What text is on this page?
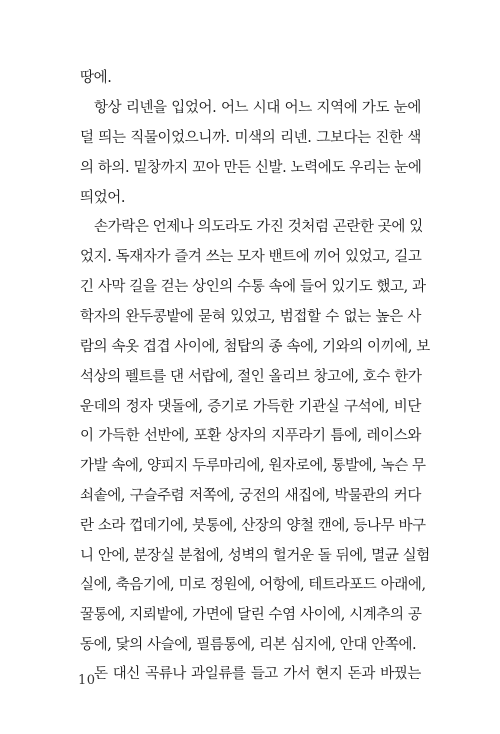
땅에.
항상 리넨을 입었어. 어느 시대 어느 지역에 가도 눈에
덜 띄는 직물이었으니까. 미색의 리넨. 그보다는 진한 색
의 하의. 밑창까지 꼬아 만든 신발. 노력에도 우리는 눈에
띄었어.
손가락은 언제나 의도라도 가진 것처럼 곤란한 곳에 있
었지. 독재자가 즐겨 쓰는 모자 밴트에 끼어 있었고, 길고
긴 사막 길을 걷는 상인의 수통 속에 들어 있기도 했고, 과
학자의 완두콩밭에 묻혀 있었고, 범접할 수 없는 높은 사
람의 속옷 겹겹 사이에, 첨탑의 종 속에, 기와의 이끼에, 보
석상의 펠트를 댄 서랍에, 절인 올리브 창고에, 호수 한가
운데의 정자 댓돌에, 증기로 가득한 기관실 구석에, 비단
이 가득한 선반에, 포환 상자의 지푸라기 틈에, 레이스와
가발 속에, 양피지 두루마리에, 원자로에, 통발에, 녹슨 무
쇠솥에, 구슬주렴 저쪽에, 궁전의 새집에, 박물관의 커다
란 소라 껍데기에, 붓통에, 산장의 양철 캔에, 등나무 바구
니 안에, 분장실 분첩에, 성벽의 헐거운 돌 뒤에, 멸균 실험
실에, 축음기에, 미로 정원에, 어항에, 테트라포드 아래에,
꿀통에, 지뢰밭에, 가면에 달린 수염 사이에, 시계추의 공
동에, 닻의 사슬에, 필름통에, 리본 심지에, 안대 안쪽에.
돈 대신 곡류나 과일류를 들고 가서 현지 돈과 바꿨는
10
